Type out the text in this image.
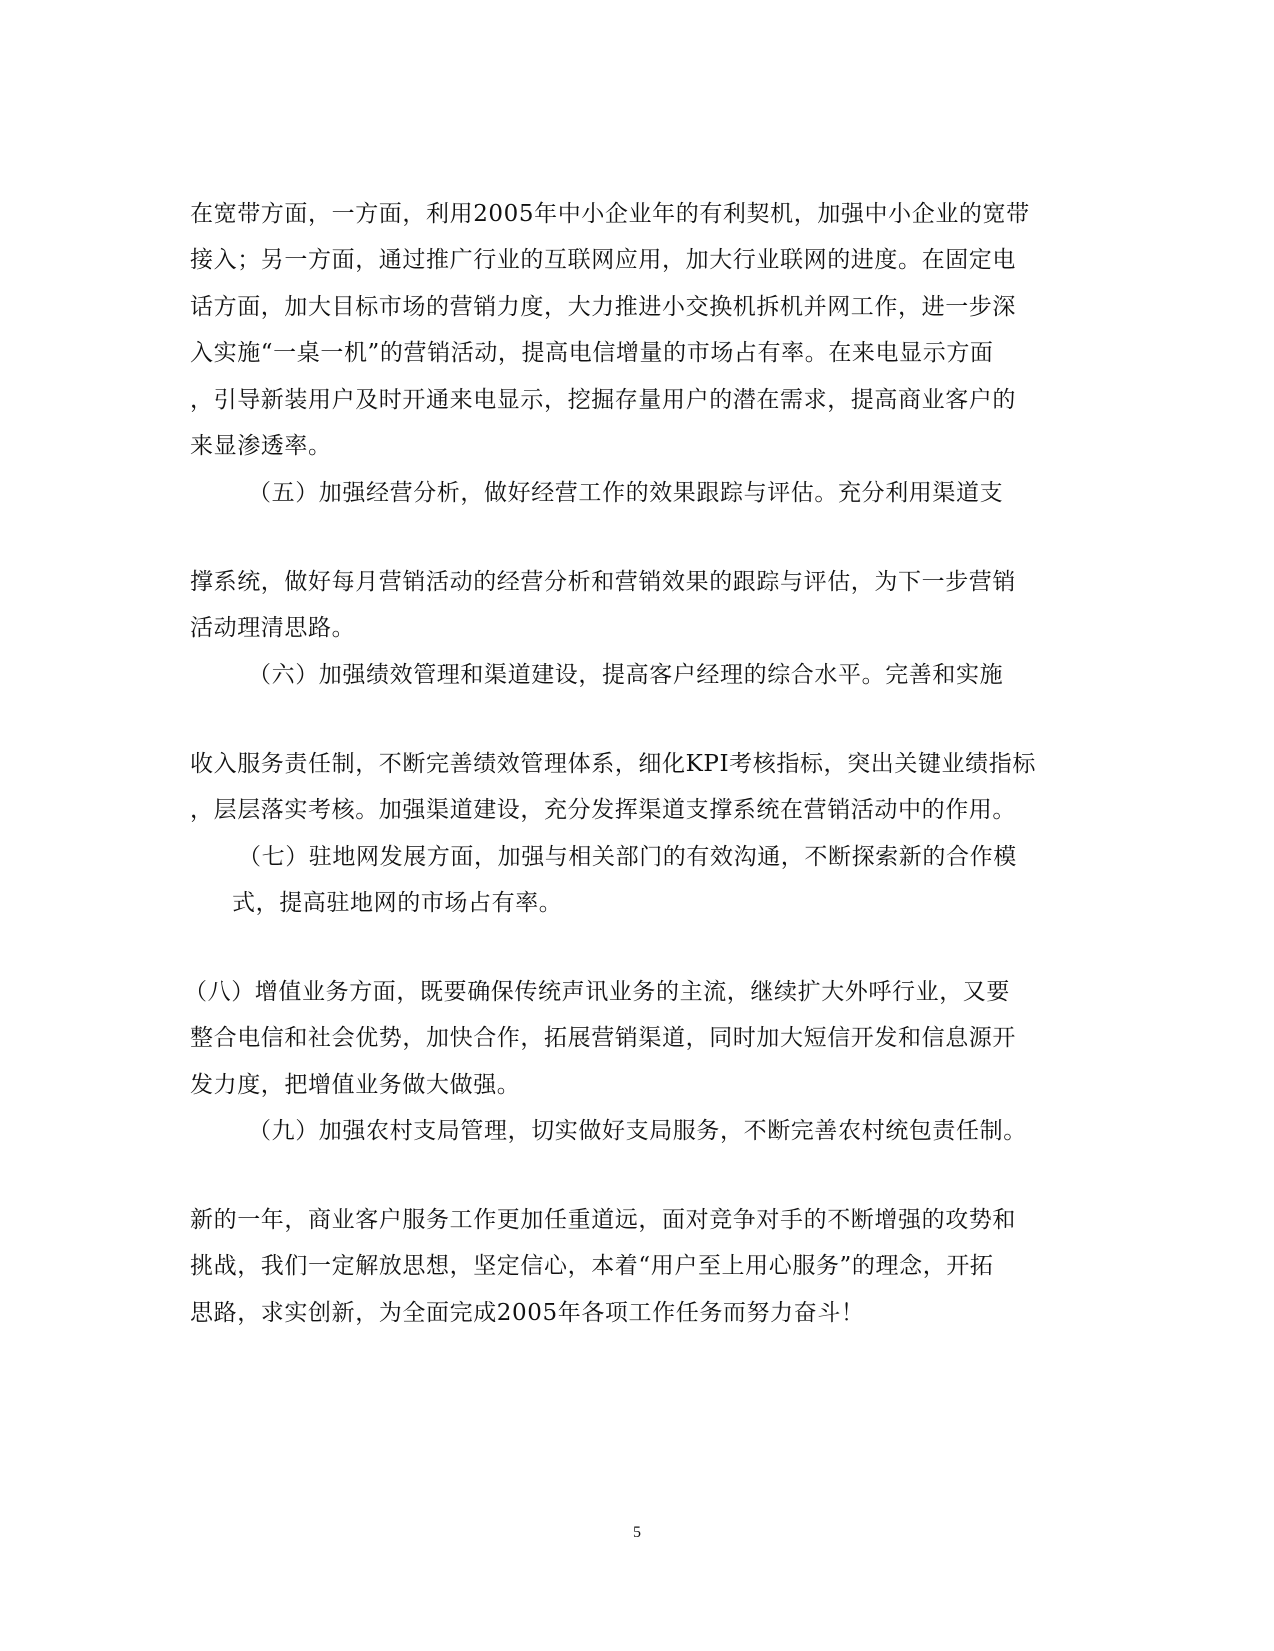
在宽带方面，一方面，利用2005年中小企业年的有利契机，加强中小企业的宽带
接入；另一方面，通过推广行业的互联网应用，加大行业联网的进度。在固定电
话方面，加大目标市场的营销力度，大力推进小交换机拆机并网工作，进一步深
入实施“一桌一机”的营销活动，提高电信增量的市场占有率。在来电显示方面
，引导新装用户及时开通来电显示，挖掘存量用户的潜在需求，提高商业客户的
来显渗透率。
（五）加强经营分析，做好经营工作的效果跟踪与评估。充分利用渠道支
撑系统，做好每月营销活动的经营分析和营销效果的跟踪与评估，为下一步营销
活动理清思路。
（六）加强绩效管理和渠道建设，提高客户经理的综合水平。完善和实施
收入服务责任制，不断完善绩效管理体系，细化KPI考核指标，突出关键业绩指标
，层层落实考核。加强渠道建设，充分发挥渠道支撑系统在营销活动中的作用。
（七）驻地网发展方面，加强与相关部门的有效沟通，不断探索新的合作模
式，提高驻地网的市场占有率。
（八）增值业务方面，既要确保传统声讯业务的主流，继续扩大外呼行业，又要
整合电信和社会优势，加快合作，拓展营销渠道，同时加大短信开发和信息源开
发力度，把增值业务做大做强。
（九）加强农村支局管理，切实做好支局服务，不断完善农村统包责任制。
新的一年，商业客户服务工作更加任重道远，面对竞争对手的不断增强的攻势和
挑战，我们一定解放思想，坚定信心，本着“用户至上用心服务”的理念，开拓
思路，求实创新，为全面完成2005年各项工作任务而努力奋斗！
5
